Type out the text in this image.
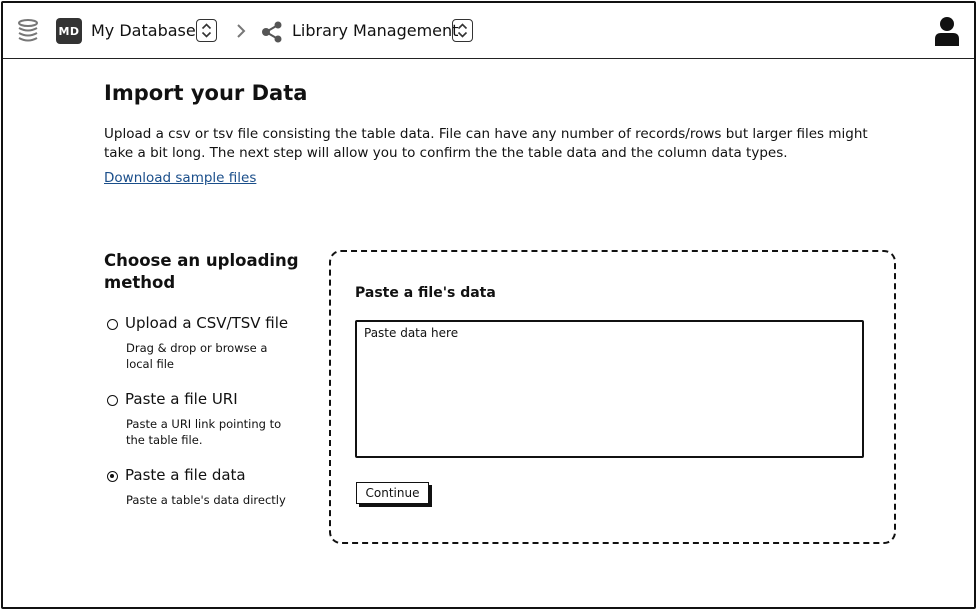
MD My Database	Library Management
Import your Data
Upload a csv or tsv file consisting the table data. File can have any number of records/rows but larger files might take a bit long. The next step will allow you to confirm the the table data and the column data types.
Download sample files
Choose an uploading method
Upload a CSV/TSV file
Drag & drop or browse a local file
Paste a file URI
Paste a URI link pointing to the table file.
Paste a file data
Paste a table's data directly
Paste a file's data
Paste data here
Continue
